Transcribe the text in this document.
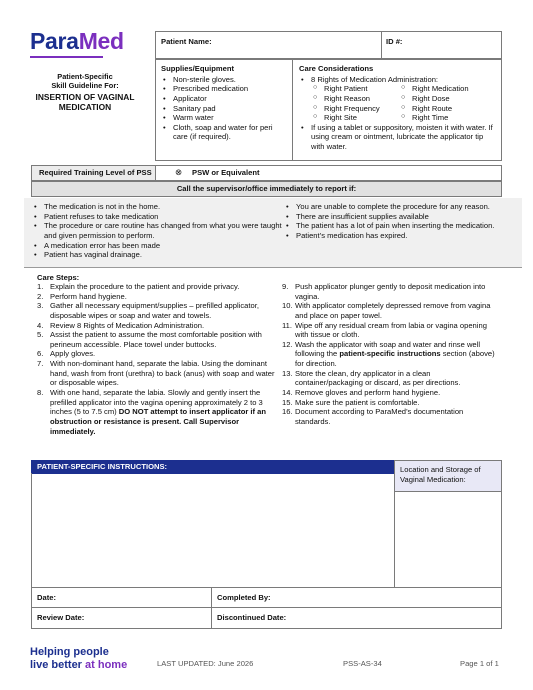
ParaMed
Patient-Specific
Skill Guideline For:
INSERTION OF VAGINAL
MEDICATION
Patient Name:	ID #:
Supplies/Equipment
• Non-sterile gloves.
• Prescribed medication
• Applicator
• Sanitary pad
• Warm water
• Cloth, soap and water for peri care (if required).
Care Considerations
• 8 Rights of Medication Administration:
○ Right Patient
○ Right Reason
○ Right Frequency
○ Right Site
○ Right Medication
○ Right Dose
○ Right Route
○ Right Time
• If using a tablet or suppository, moisten it with water. If using cream or ointment, lubricate the applicator tip with water.
Required Training Level of PSS	⊗ PSW or Equivalent
Call the supervisor/office immediately to report if:
• The medication is not in the home.
• Patient refuses to take medication
• The procedure or care routine has changed from what you were taught and given permission to perform.
• A medication error has been made
• Patient has vaginal drainage.
• You are unable to complete the procedure for any reason.
• There are insufficient supplies available
• The patient has a lot of pain when inserting the medication.
• Patient’s medication has expired.
Care Steps:
1. Explain the procedure to the patient and provide privacy.
2. Perform hand hygiene.
3. Gather all necessary equipment/supplies – prefilled applicator, disposable wipes or soap and water and towels.
4. Review 8 Rights of Medication Administration.
5. Assist the patient to assume the most comfortable position with perineum accessible. Place towel under buttocks.
6. Apply gloves.
7. With non-dominant hand, separate the labia. Using the dominant hand, wash from front (urethra) to back (anus) with soap and water or disposable wipes.
8. With one hand, separate the labia. Slowly and gently insert the prefilled applicator into the vagina opening approximately 2 to 3 inches (5 to 7.5 cm) DO NOT attempt to insert applicator if an obstruction or resistance is present. Call Supervisor immediately.
9. Push applicator plunger gently to deposit medication into vagina.
10. With applicator completely depressed remove from vagina and place on paper towel.
11. Wipe off any residual cream from labia or vagina opening with tissue or cloth.
12. Wash the applicator with soap and water and rinse well following the patient-specific instructions section (above) for direction.
13. Store the clean, dry applicator in a clean container/packaging or discard, as per directions.
14. Remove gloves and perform hand hygiene.
15. Make sure the patient is comfortable.
16. Document according to ParaMed’s documentation standards.
PATIENT-SPECIFIC INSTRUCTIONS:	Location and Storage of Vaginal Medication:
Date:	Completed By:
Review Date:	Discontinued Date:
Helping people
live better at home	LAST UPDATED: June 2026	PSS-AS-34	Page 1 of 1
